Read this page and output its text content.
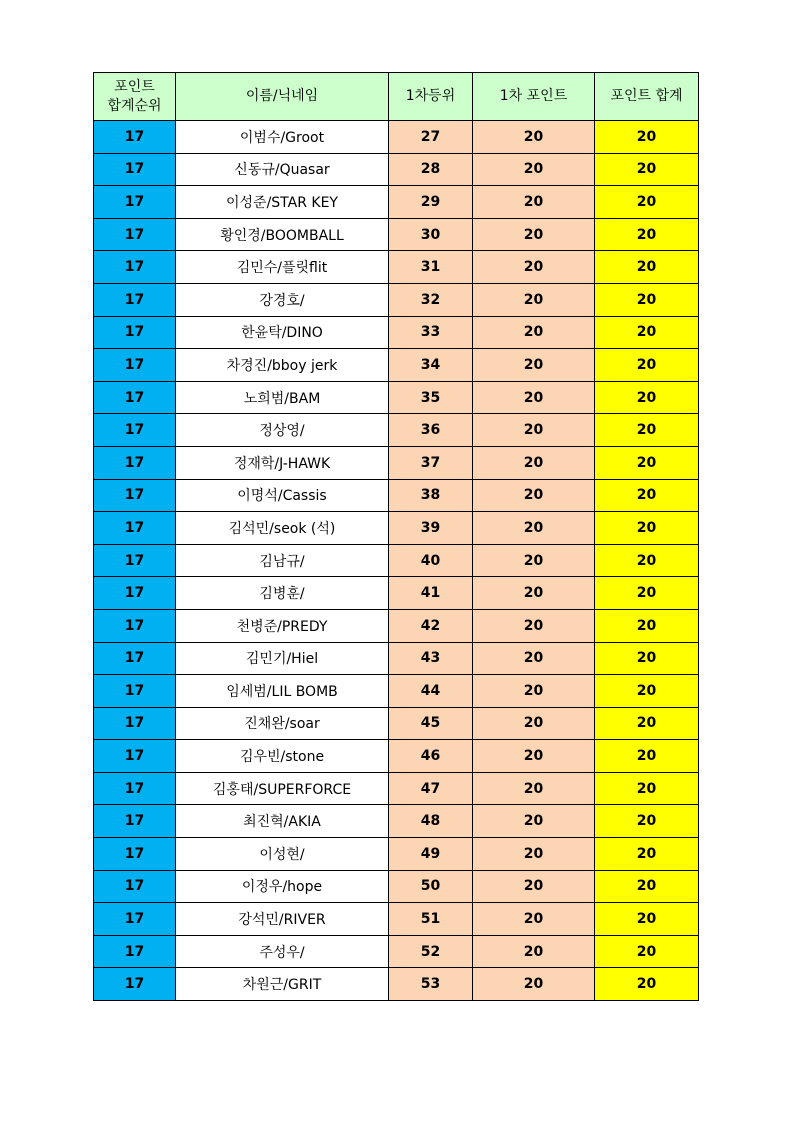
포인트
합계순위	이름/닉네임	1차등위	1차 포인트	포인트 합계
17	이범수/Groot	27	20	20
17	신동규/Quasar	28	20	20
17	이성준/STAR KEY	29	20	20
17	황인경/BOOMBALL	30	20	20
17	김민수/플릿flit	31	20	20
17	강경호/	32	20	20
17	한윤탁/DINO	33	20	20
17	차경진/bboy jerk	34	20	20
17	노희범/BAM	35	20	20
17	정상영/	36	20	20
17	정재학/J-HAWK	37	20	20
17	이명석/Cassis	38	20	20
17	김석민/seok (석)	39	20	20
17	김남규/	40	20	20
17	김병훈/	41	20	20
17	천병준/PREDY	42	20	20
17	김민기/Hiel	43	20	20
17	임세범/LIL BOMB	44	20	20
17	진채완/soar	45	20	20
17	김우빈/stone	46	20	20
17	김홍태/SUPERFORCE	47	20	20
17	최진혁/AKIA	48	20	20
17	이성현/	49	20	20
17	이정우/hope	50	20	20
17	강석민/RIVER	51	20	20
17	주성우/	52	20	20
17	차원근/GRIT	53	20	20
